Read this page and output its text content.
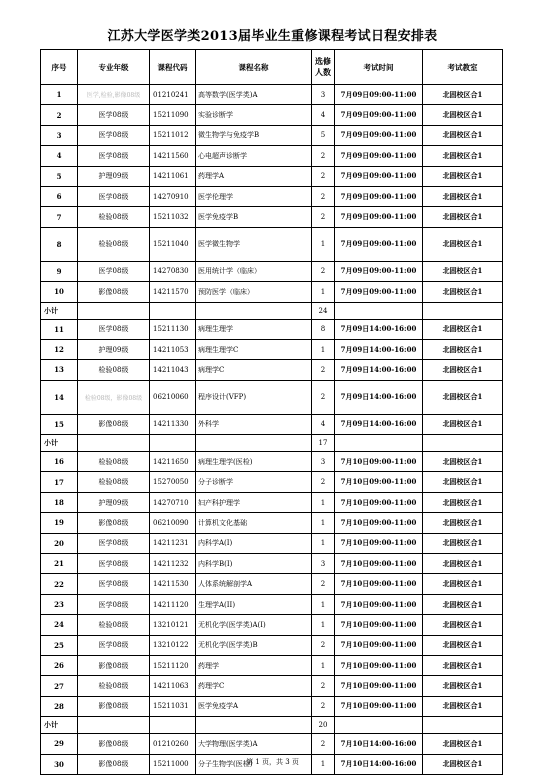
江苏大学医学类2013届毕业生重修课程考试日程安排表
序号	专业年级	课程代码	课程名称	选修人数	考试时间	考试教室
1	医学,检验,影像08级	01210241	高等数学(医学类)A	3	7月09日09:00-11:00	北固校区合1
2	医学08级	15211090	实验诊断学	4	7月09日09:00-11:00	北固校区合1
3	医学08级	15211012	微生物学与免疫学B	5	7月09日09:00-11:00	北固校区合1
4	医学08级	14211560	心电超声诊断学	2	7月09日09:00-11:00	北固校区合1
5	护理09级	14211061	药理学A	2	7月09日09:00-11:00	北固校区合1
6	医学08级	14270910	医学伦理学	2	7月09日09:00-11:00	北固校区合1
7	检验08级	15211032	医学免疫学B	2	7月09日09:00-11:00	北固校区合1
8	检验08级	15211040	医学微生物学	1	7月09日09:00-11:00	北固校区合1
9	医学08级	14270830	医用统计学（临床）	2	7月09日09:00-11:00	北固校区合1
10	影像08级	14211570	预防医学（临床）	1	7月09日09:00-11:00	北固校区合1
小计				24		
11	医学08级	15211130	病理生理学	8	7月09日14:00-16:00	北固校区合1
12	护理09级	14211053	病理生理学C	1	7月09日14:00-16:00	北固校区合1
13	检验08级	14211043	病理学C	2	7月09日14:00-16:00	北固校区合1
14	检验08级，影像08级	06210060	程序设计(VFP)	2	7月09日14:00-16:00	北固校区合1
15	影像08级	14211330	外科学	4	7月09日14:00-16:00	北固校区合1
小计				17		
16	检验08级	14211650	病理生理学(医检)	3	7月10日09:00-11:00	北固校区合1
17	检验08级	15270050	分子诊断学	2	7月10日09:00-11:00	北固校区合1
18	护理09级	14270710	妇产科护理学	1	7月10日09:00-11:00	北固校区合1
19	影像08级	06210090	计算机文化基础	1	7月10日09:00-11:00	北固校区合1
20	医学08级	14211231	内科学A(I)	1	7月10日09:00-11:00	北固校区合1
21	医学08级	14211232	内科学B(I)	3	7月10日09:00-11:00	北固校区合1
22	医学08级	14211530	人体系统解剖学A	2	7月10日09:00-11:00	北固校区合1
23	医学08级	14211120	生理学A(II)	1	7月10日09:00-11:00	北固校区合1
24	检验08级	13210121	无机化学(医学类)A(I)	1	7月10日09:00-11:00	北固校区合1
25	医学08级	13210122	无机化学(医学类)B	2	7月10日09:00-11:00	北固校区合1
26	影像08级	15211120	药理学	1	7月10日09:00-11:00	北固校区合1
27	检验08级	14211063	药理学C	2	7月10日09:00-11:00	北固校区合1
28	影像08级	15211031	医学免疫学A	2	7月10日09:00-11:00	北固校区合1
小计				20		
29	影像08级	01210260	大学物理(医学类)A	2	7月10日14:00-16:00	北固校区合1
30	影像08级	15211000	分子生物学(医检)	1	7月10日14:00-16:00	北固校区合1
第 1 页，共 3 页
